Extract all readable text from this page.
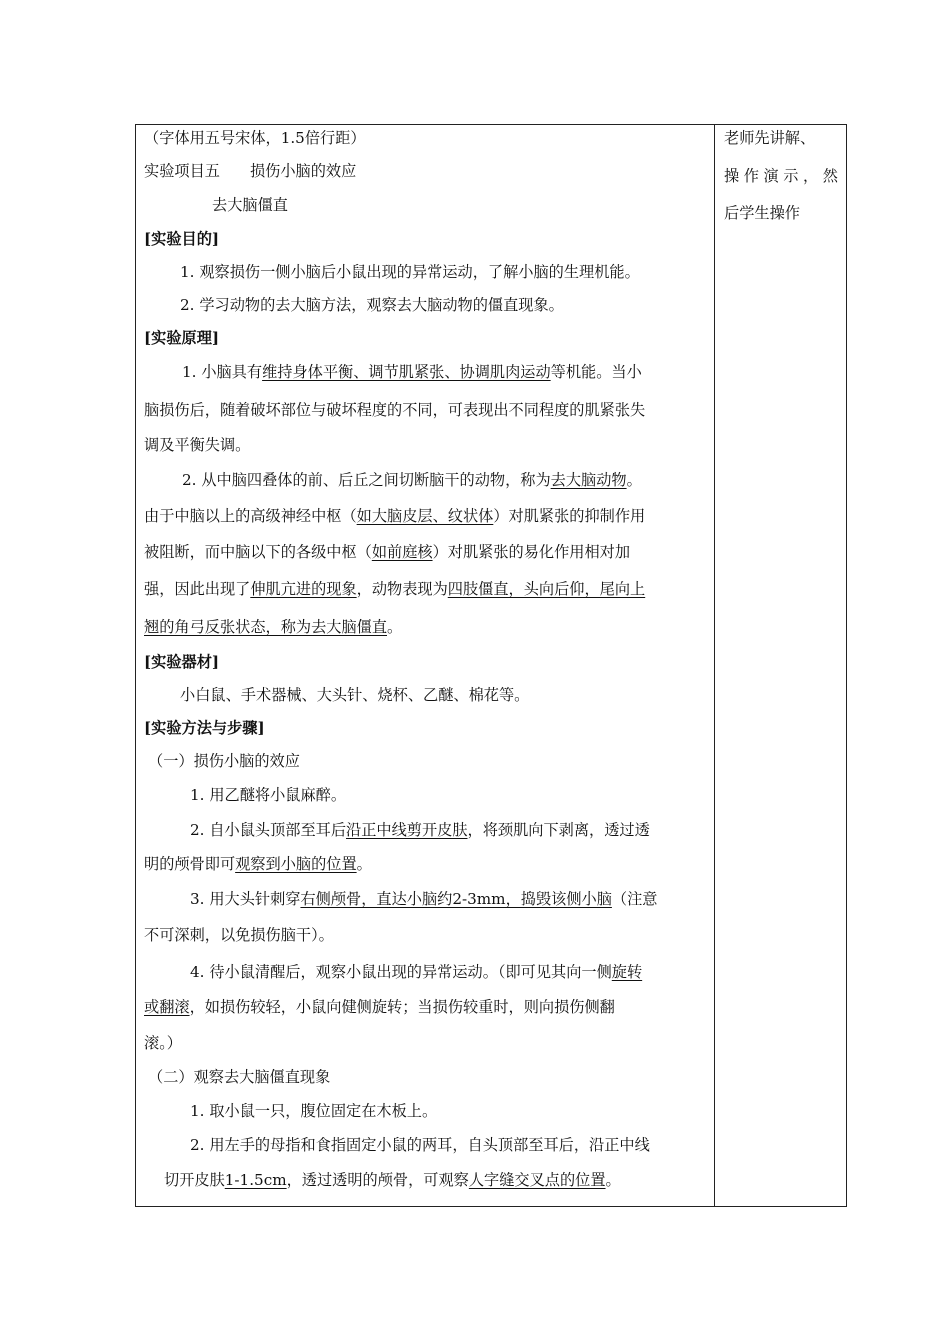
（字体用五号宋体，1.5倍行距）
实验项目五 损伤小脑的效应
去大脑僵直
[实验目的]
1. 观察损伤一侧小脑后小鼠出现的异常运动，了解小脑的生理机能。
2. 学习动物的去大脑方法，观察去大脑动物的僵直现象。
[实验原理]
1. 小脑具有维持身体平衡、调节肌紧张、协调肌肉运动等机能。当小
脑损伤后，随着破坏部位与破坏程度的不同，可表现出不同程度的肌紧张失
调及平衡失调。
2. 从中脑四叠体的前、后丘之间切断脑干的动物，称为去大脑动物。
由于中脑以上的高级神经中枢（如大脑皮层、纹状体）对肌紧张的抑制作用
被阻断，而中脑以下的各级中枢（如前庭核）对肌紧张的易化作用相对加
强，因此出现了伸肌亢进的现象，动物表现为四肢僵直，头向后仰，尾向上
翘的角弓反张状态，称为去大脑僵直。
[实验器材]
小白鼠、手术器械、大头针、烧杯、乙醚、棉花等。
[实验方法与步骤]
（一）损伤小脑的效应
1. 用乙醚将小鼠麻醉。
2. 自小鼠头顶部至耳后沿正中线剪开皮肤，将颈肌向下剥离，透过透
明的颅骨即可观察到小脑的位置。
3. 用大头针刺穿右侧颅骨，直达小脑约2-3mm，捣毁该侧小脑（注意
不可深刺，以免损伤脑干）。
4. 待小鼠清醒后，观察小鼠出现的异常运动。（即可见其向一侧旋转
或翻滚，如损伤较轻，小鼠向健侧旋转；当损伤较重时，则向损伤侧翻
滚。）
（二）观察去大脑僵直现象
1. 取小鼠一只，腹位固定在木板上。
2. 用左手的母指和食指固定小鼠的两耳，自头顶部至耳后，沿正中线
切开皮肤1-1.5cm，透过透明的颅骨，可观察人字缝交叉点的位置。
老师先讲解、
操 作 演 示 ， 然
后学生操作
